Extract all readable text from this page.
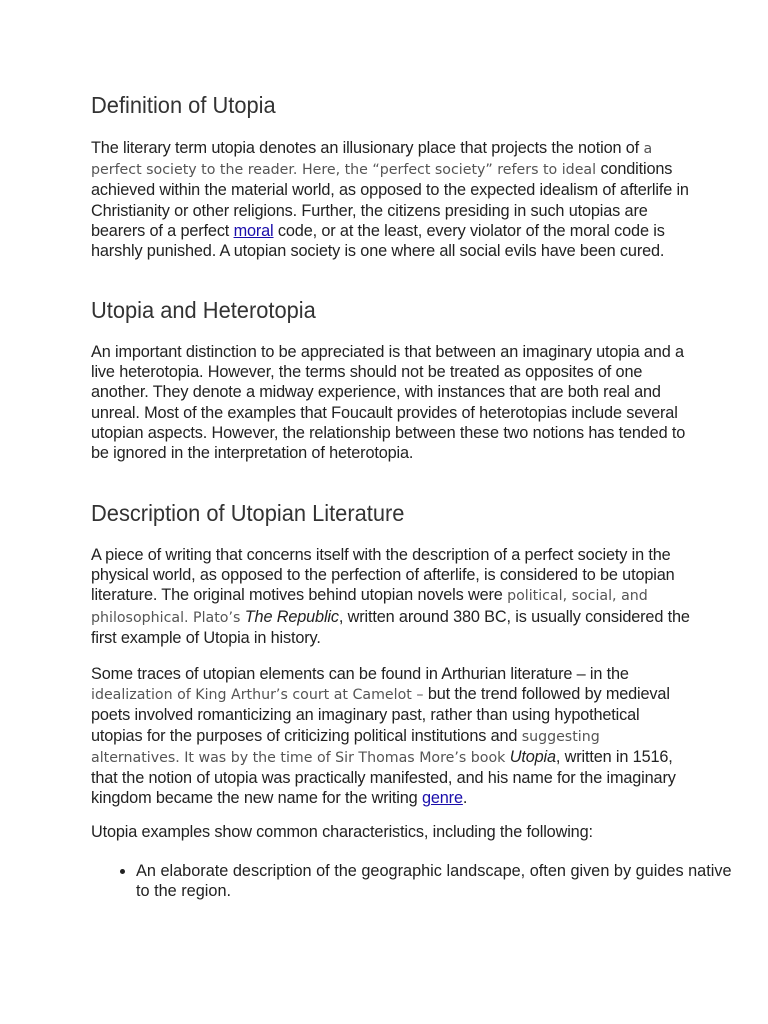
Definition of Utopia

The literary term utopia denotes an illusionary place that projects the notion of a perfect society to the reader. Here, the “perfect society” refers to ideal conditions achieved within the material world, as opposed to the expected idealism of afterlife in Christianity or other religions. Further, the citizens presiding in such utopias are bearers of a perfect moral code, or at the least, every violator of the moral code is harshly punished. A utopian society is one where all social evils have been cured.

Utopia and Heterotopia

An important distinction to be appreciated is that between an imaginary utopia and a live heterotopia. However, the terms should not be treated as opposites of one another. They denote a midway experience, with instances that are both real and unreal. Most of the examples that Foucault provides of heterotopias include several utopian aspects. However, the relationship between these two notions has tended to be ignored in the interpretation of heterotopia.

Description of Utopian Literature

A piece of writing that concerns itself with the description of a perfect society in the physical world, as opposed to the perfection of afterlife, is considered to be utopian literature. The original motives behind utopian novels were political, social, and philosophical. Plato’s The Republic, written around 380 BC, is usually considered the first example of Utopia in history.

Some traces of utopian elements can be found in Arthurian literature – in the idealization of King Arthur’s court at Camelot – but the trend followed by medieval poets involved romanticizing an imaginary past, rather than using hypothetical utopias for the purposes of criticizing political institutions and suggesting alternatives. It was by the time of Sir Thomas More’s book Utopia, written in 1516, that the notion of utopia was practically manifested, and his name for the imaginary kingdom became the new name for the writing genre.

Utopia examples show common characteristics, including the following:

• An elaborate description of the geographic landscape, often given by guides native to the region.
